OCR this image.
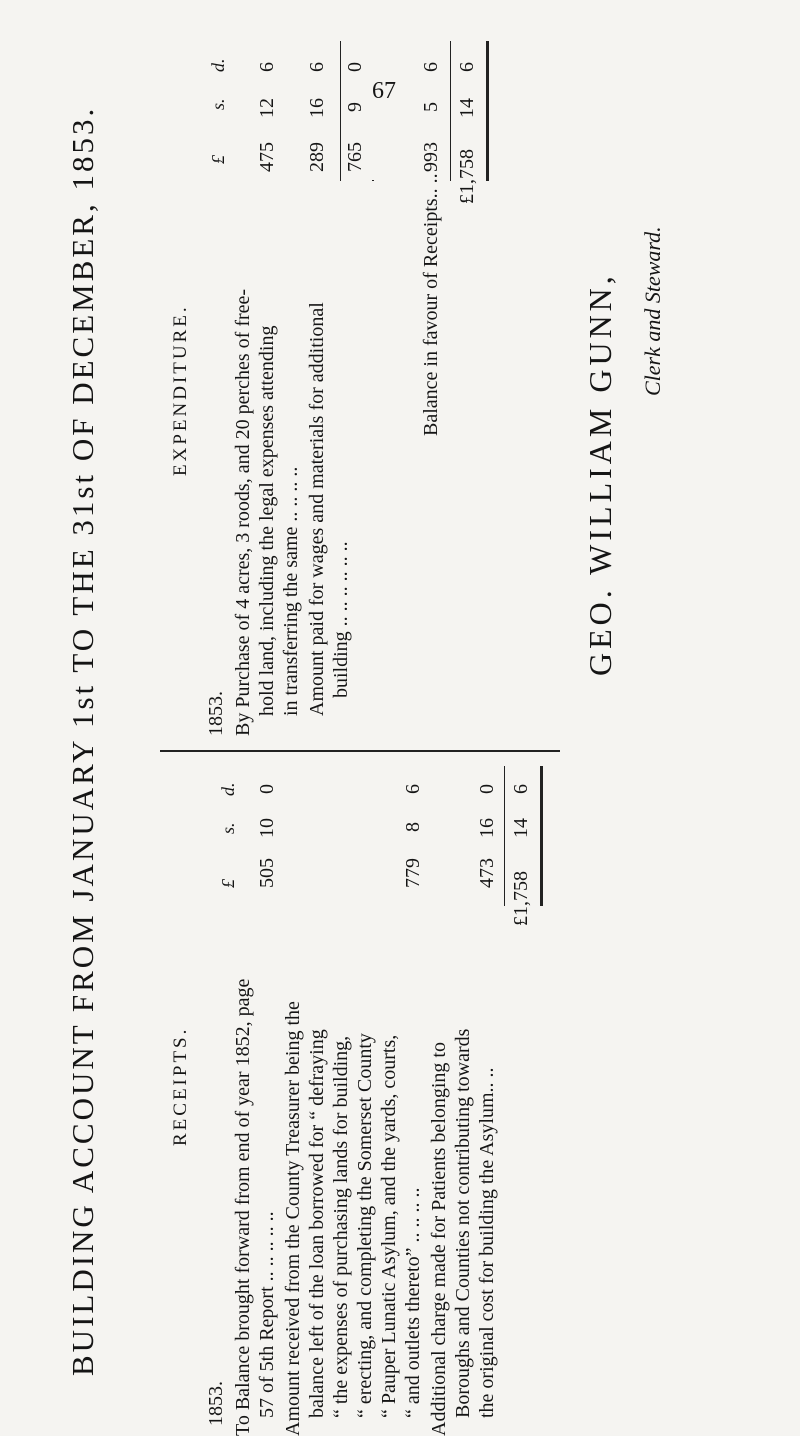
67
BUILDING ACCOUNT FROM JANUARY 1st TO THE 31st OF DECEMBER, 1853.	RECEIPTS.
£
s.
d.
1853. To Balance brought forward from end of year 1852, page 57 of 5th Report .. .. .. .. .. Amount received from the County Treasurer being the balance left of the loan borrowed for “ defraying “ the expenses of purchasing lands for building, “ erecting, and completing the Somerset County “ Pauper Lunatic Asylum, and the yards, courts, “ and outlets thereto” .. .. .. .. Additional charge made for Patients belonging to Boroughs and Counties not contributing towards the original cost for building the Asylum.. ..
505
10
0
779
8
6
473
16
0
£1,758
14
6
EXPENDITURE.
£
s.
d.
1853. By Purchase of 4 acres, 3 roods, and 20 perches of free- hold land, including the legal expenses attending in transferring the same .. .. .. .. Amount paid for wages and materials for additional building .. .. .. .. .. ..
475
12
6
289
16
6
765
9
0
Balance in favour of Receipts.. ..
993
5
6
£1,758
14
6
GEO. WILLIAM GUNN, Clerk and Steward.
